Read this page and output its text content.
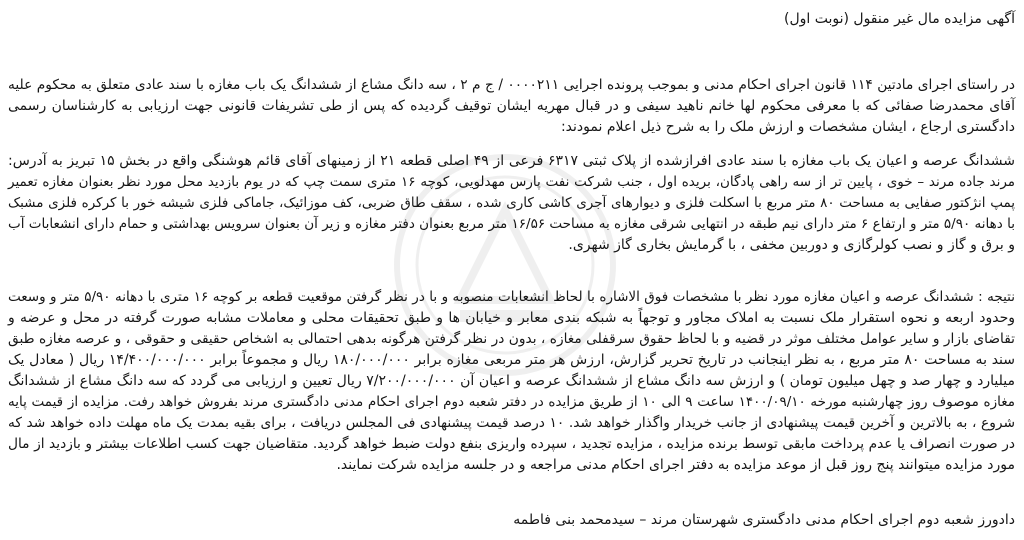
آگهی مزایده مال غیر منقول (نوبت اول)
در راستای اجرای مادتین ۱۱۴ قانون اجرای احکام مدنی و بموجب پرونده اجرایی ۰۰۰۰۲۱۱ / ج م ۲ ، سه دانگ مشاع از ششدانگ یک باب مغازه با سند عادی متعلق به محکوم علیه
آقای محمدرضا صفائی که با معرفی محکوم لها خانم ناهید سیفی و در قبال مهریه ایشان توقیف گردیده که پس از طی تشریفات قانونی جهت ارزیابی به کارشناسان رسمی
دادگستری ارجاع ، ایشان مشخصات و ارزش ملک را به شرح ذیل اعلام نمودند:
ششدانگ عرصه و اعیان یک باب مغازه با سند عادی افرازشده از پلاک ثبتی ۶۳۱۷ فرعی از ۴۹ اصلی قطعه ۲۱ از زمینهای آقای قائم هوشنگی واقع در بخش ۱۵ تبریز به آدرس:
مرند جاده مرند – خوی ، پایین تر از سه راهی پادگان، بریده اول ، جنب شرکت نفت پارس مهدلویی، کوچه ۱۶ متری سمت چپ که در یوم بازدید محل مورد نظر بعنوان مغازه تعمیر
پمپ انژکتور صفایی به مساحت ۸۰ متر مربع با اسکلت فلزی و دیوارهای آجری کاشی کاری شده ، سقف طاق ضربی، کف موزائیک، جاماکی فلزی شیشه خور با کرکره فلزی مشبک
با دهانه ۵/۹۰ متر و ارتفاع ۶ متر دارای نیم طبقه در انتهایی شرقی مغازه به مساحت ۱۶/۵۶ متر مربع بعنوان دفتر مغازه و زیر آن بعنوان سرویس بهداشتی و حمام دارای انشعابات آب
و برق و گاز و نصب کولرگازی و دوربین مخفی ، با گرمایش بخاری گاز شهری.
نتیجه : ششدانگ عرصه و اعیان مغازه مورد نظر با مشخصات فوق الاشاره با لحاظ انشعابات منصوبه و با در نظر گرفتن موقعیت قطعه بر کوچه ۱۶ متری با دهانه ۵/۹۰ متر و وسعت
وحدود اربعه و نحوه استقرار ملک نسبت به املاک مجاور و توجهاً به شبکه بندی معابر و خیابان ها و طبق تحقیقات محلی و معاملات مشابه صورت گرفته در محل و عرضه و
تقاضای بازار و سایر عوامل مختلف موثر در قضیه و با لحاظ حقوق سرقفلی مغازه ، بدون در نظر گرفتن هرگونه بدهی احتمالی به اشخاص حقیقی و حقوقی ، و عرصه مغازه طبق
سند به مساحت ۸۰ متر مربع ، به نظر اینجانب در تاریخ تحریر گزارش، ارزش هر متر مربعی مغازه برابر ۱۸۰/۰۰۰/۰۰۰ ریال و مجموعاً برابر ۱۴/۴۰۰/۰۰۰/۰۰۰ ریال ( معادل یک
میلیارد و چهار صد و چهل میلیون تومان ) و ارزش سه دانگ مشاع از ششدانگ عرصه و اعیان آن ۷/۲۰۰/۰۰۰/۰۰۰ ریال تعیین و ارزیابی می گردد که سه دانگ مشاع از ششدانگ
مغازه موصوف روز چهارشنبه مورخه ۱۴۰۰/۰۹/۱۰ ساعت ۹ الی ۱۰ از طریق مزایده در دفتر شعبه دوم اجرای احکام مدنی دادگستری مرند بفروش خواهد رفت. مزایده از قیمت پایه
شروع ، به بالاترین و آخرین قیمت پیشنهادی از جانب خریدار واگذار خواهد شد. ۱۰ درصد قیمت پیشنهادی فی المجلس دریافت ، برای بقیه بمدت یک ماه مهلت داده خواهد شد که
در صورت انصراف یا عدم پرداخت مابقی توسط برنده مزایده ، مزایده تجدید ، سپرده واریزی بنفع دولت ضبط خواهد گردید. متقاضیان جهت کسب اطلاعات بیشتر و بازدید از مال
مورد مزایده میتوانند پنج روز قبل از موعد مزایده به دفتر اجرای احکام مدنی مراجعه و در جلسه مزایده شرکت نمایند.
دادورز شعبه دوم اجرای احکام مدنی دادگستری شهرستان مرند – سیدمحمد بنی فاطمه
